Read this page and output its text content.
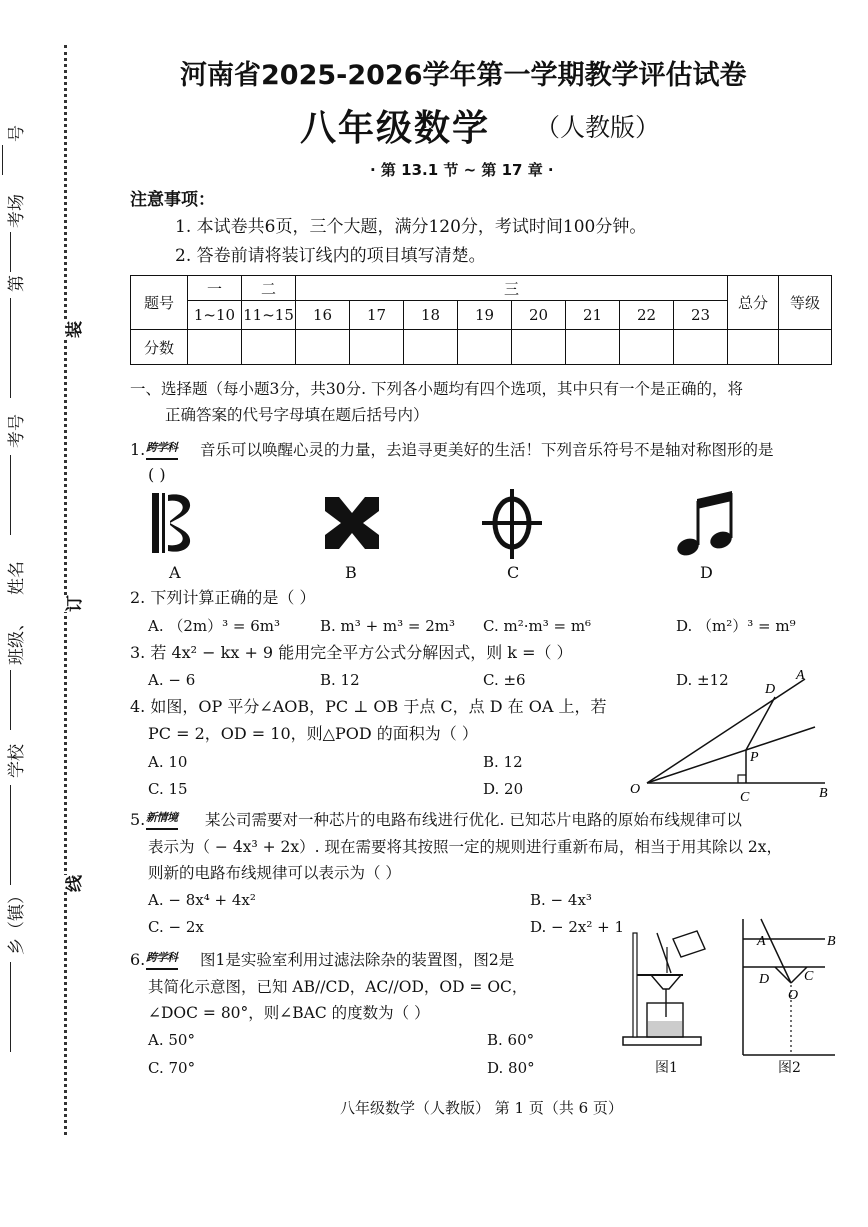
装
订
线
号
考场
第
考号
姓名
班级、
学校
乡（镇）
河南省2025-2026学年第一学期教学评估试卷
八年级数学 （人教版）
· 第 13.1 节 ~ 第 17 章 ·
注意事项：
1. 本试卷共6页，三个大题，满分120分，考试时间100分钟。
2. 答卷前请将装订线内的项目填写清楚。
题号	一	二	三								总分	等级
	1~10	11~15	16	17	18	19	20	21	22	23		
分数												
一、选择题（每小题3分，共30分. 下列各小题均有四个选项，其中只有一个是正确的，将
正确答案的代号字母填在题后括号内）
1. 跨学科 音乐可以唤醒心灵的力量，去追寻更美好的生活！下列音乐符号不是轴对称图形的是
( )
A	B	C	D
2. 下列计算正确的是（ ）
A. （2m）³ = 6m³	B. m³ + m³ = 2m³ C. m²·m³ = m⁶	D. （m²）³ = m⁹
3. 若 4x² − kx + 9 能用完全平方公式分解因式，则 k =（ ）
A. − 6	B. 12	C. ±6	D. ±12
4. 如图，OP 平分∠AOB，PC ⊥ OB 于点 C，点 D 在 OA 上，若
PC = 2，OD = 10，则△POD 的面积为（ ）
A. 10	B. 12
C. 15	D. 20	O
A
D
P
C	B
5. 新情境 某公司需要对一种芯片的电路布线进行优化. 已知芯片电路的原始布线规律可以
表示为（ − 4x³ + 2x）. 现在需要将其按照一定的规则进行重新布局，相当于用其除以 2x，
则新的电路布线规律可以表示为（ ）
A. − 8x⁴ + 4x²	B. − 4x³
C. − 2x	D. − 2x² + 1
6. 跨学科 图1是实验室利用过滤法除杂的装置图，图2是
其简化示意图，已知 AB//CD，AC//OD，OD = OC，
∠DOC = 80°，则∠BAC 的度数为（ ）
A. 50°	B. 60°
C. 70°	D. 80°	图1
A	B
D C
O
图2
八年级数学（人教版） 第 1 页（共 6 页）
